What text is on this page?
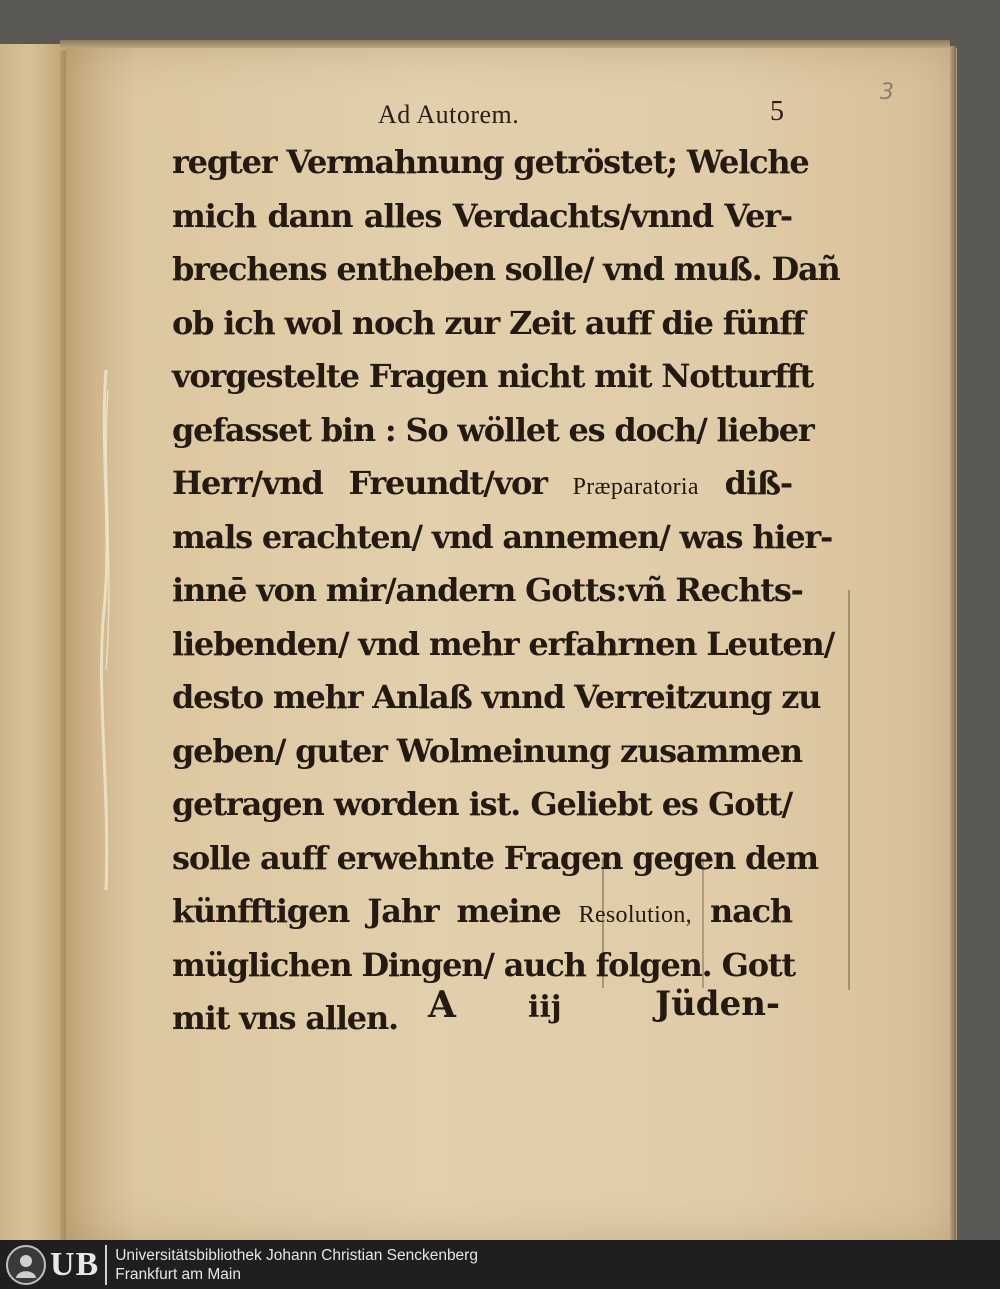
Ad Autorem.	5
3
regter Vermahnung getröstet; Welche
mich dann alles Verdachts/vnnd Ver-
brechens entheben solle/ vnd muß. Dañ
ob ich wol noch zur Zeit auff die fünff
vorgestelte Fragen nicht mit Notturfft
gefasset bin : So wöllet es doch/ lieber
Herr/vnd Freundt/vor Præparatoria diß-
mals erachten/ vnd annemen/ was hier-
innē von mir/andern Gotts:vñ Rechts-
liebenden/ vnd mehr erfahrnen Leuten/
desto mehr Anlaß vnnd Verreitzung zu
geben/ guter Wolmeinung zusammen
getragen worden ist. Geliebt es Gott/
solle auff erwehnte Fragen gegen dem
künfftigen Jahr meine Resolution, nach
müglichen Dingen/ auch folgen. Gott
mit vns allen. A iij	Jüden-
UB Universitätsbibliothek Johann Christian Senckenberg
Frankfurt am Main
